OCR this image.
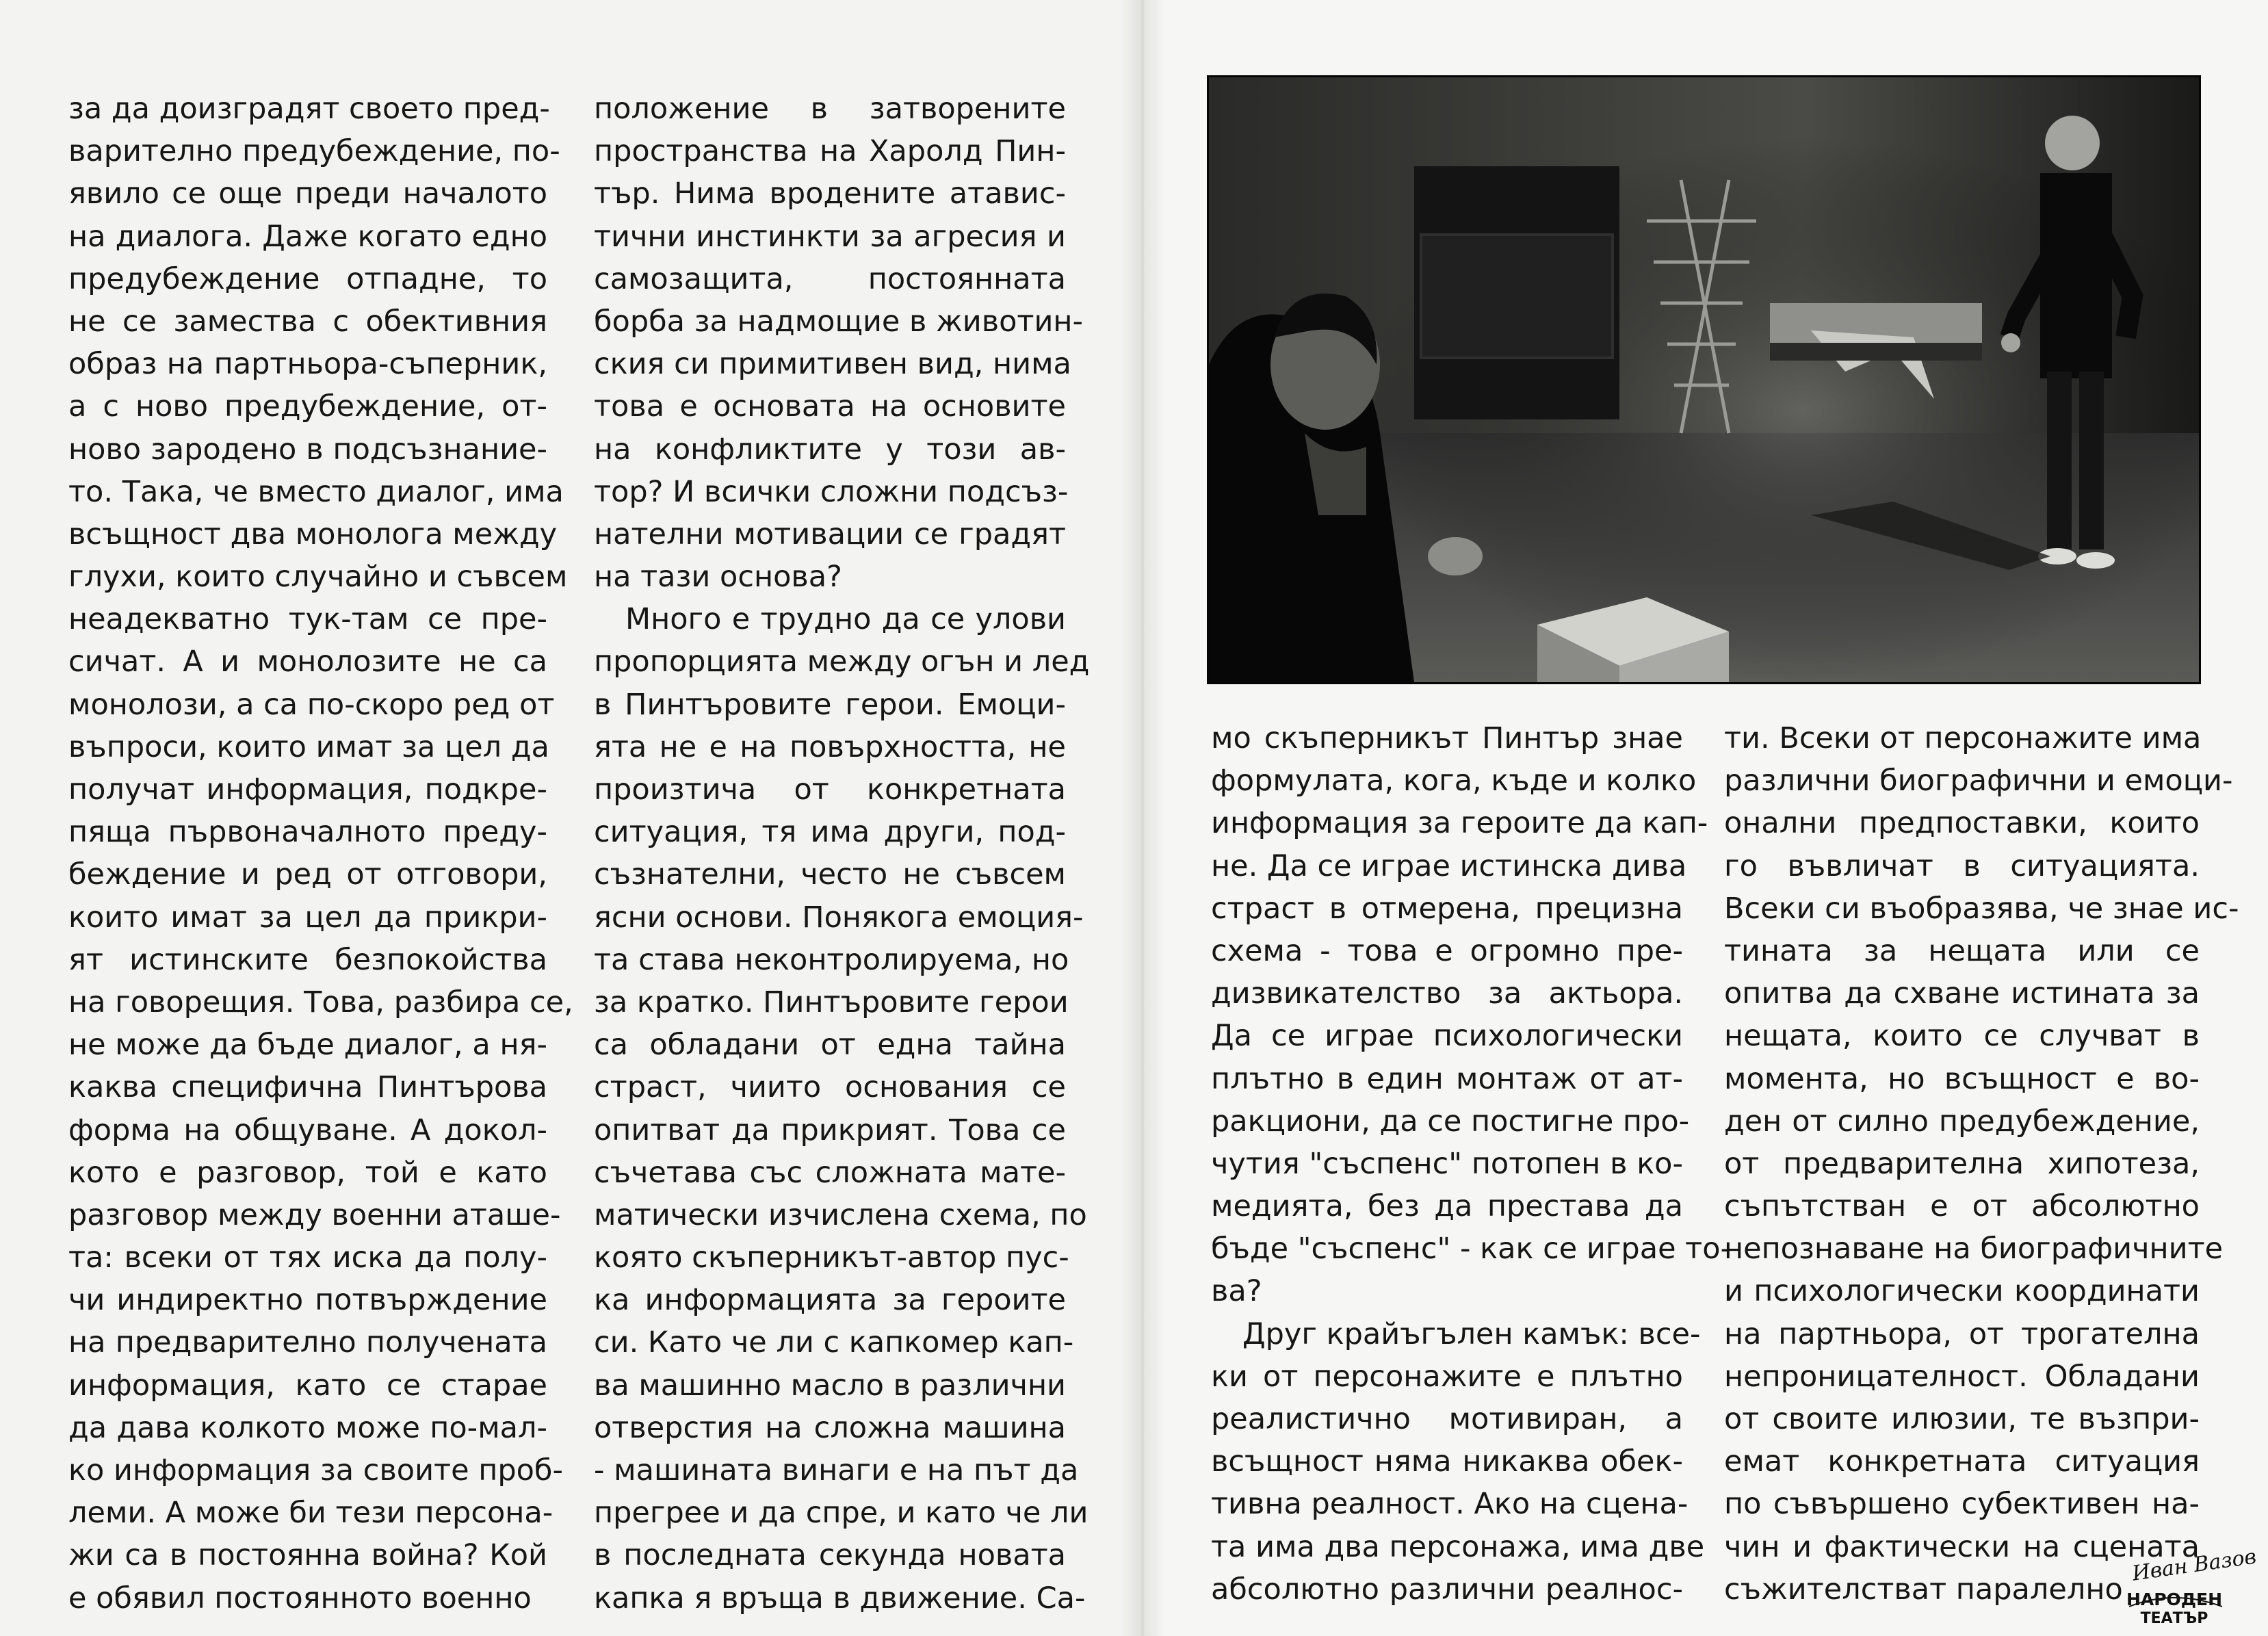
за да доизградят своето пред-
варително предубеждение, по-
явило се още преди началото
на диалога. Даже когато едно
предубеждение отпадне, то
не се замества с обективния
образ на партньора-съперник,
а с ново предубеждение, от-
ново зародено в подсъзнание-
то. Така, че вместо диалог, има
всъщност два монолога между
глухи, които случайно и съвсем
неадекватно тук-там се пре-
сичат. А и монолозите не са
монолози, а са по-скоро ред от
въпроси, които имат за цел да
получат информация, подкре-
пяща първоначалното преду-
беждение и ред от отговори,
които имат за цел да прикри-
ят истинските безпокойства
на говорещия. Това, разбира се,
не може да бъде диалог, а ня-
каква специфична Пинтърова
форма на общуване. А докол-
кото е разговор, той е като
разговор между военни аташе-
та: всеки от тях иска да полу-
чи индиректно потвърждение
на предварително получената
информация, като се старае
да дава колкото може по-мал-
ко информация за своите проб-
леми. А може би тези персона-
жи са в постоянна война? Кой
е обявил постоянното военно
положение в затворените
пространства на Харолд Пин-
тър. Нима вродените атавис-
тични инстинкти за агресия и
самозащита, постоянната
борба за надмощие в животин-
ския си примитивен вид, нима
това е основата на основите
на конфликтите у този ав-
тор? И всички сложни подсъз-
нателни мотивации се градят
на тази основа?
Много е трудно да се улови
пропорцията между огън и лед
в Пинтъровите герои. Емоци-
ята не е на повърхността, не
произтича от конкретната
ситуация, тя има други, под-
съзнателни, често не съвсем
ясни основи. Понякога емоция-
та става неконтролируема, но
за кратко. Пинтъровите герои
са обладани от една тайна
страст, чиито основания се
опитват да прикрият. Това се
съчетава със сложната мате-
матически изчислена схема, по
която скъперникът-автор пус-
ка информацията за героите
си. Като че ли с капкомер кап-
ва машинно масло в различни
отверстия на сложна машина
- машината винаги е на път да
прегрее и да спре, и като че ли
в последната секунда новата
капка я връща в движение. Са-
мо скъперникът Пинтър знае
формулата, кога, къде и колко
информация за героите да кап-
не. Да се играе истинска дива
страст в отмерена, прецизна
схема - това е огромно пре-
дизвикателство за актьора.
Да се играе психологически
плътно в един монтаж от ат-
ракциони, да се постигне про-
чутия "съспенс" потопен в ко-
медията, без да престава да
бъде "съспенс" - как се играе то-
ва?
Друг крайъгълен камък: все-
ки от персонажите е плътно
реалистично мотивиран, а
всъщност няма никаква обек-
тивна реалност. Ако на сцена-
та има два персонажа, има две
абсолютно различни реалнос-
ти. Всеки от персонажите има
различни биографични и емоци-
онални предпоставки, които
го въвличат в ситуацията.
Всеки си въобразява, че знае ис-
тината за нещата или се
опитва да схване истината за
нещата, които се случват в
момента, но всъщност е во-
ден от силно предубеждение,
от предварителна хипотеза,
съпътстван е от абсолютно
непознаване на биографичните
и психологически координати
на партньора, от трогателна
непроницателност. Обладани
от своите илюзии, те възпри-
емат конкретната ситуация
по съвършено субективен на-
чин и фактически на сцената
съжителстват паралелно
Иван Вазов
НАРОДЕН
ТЕАТЪР
